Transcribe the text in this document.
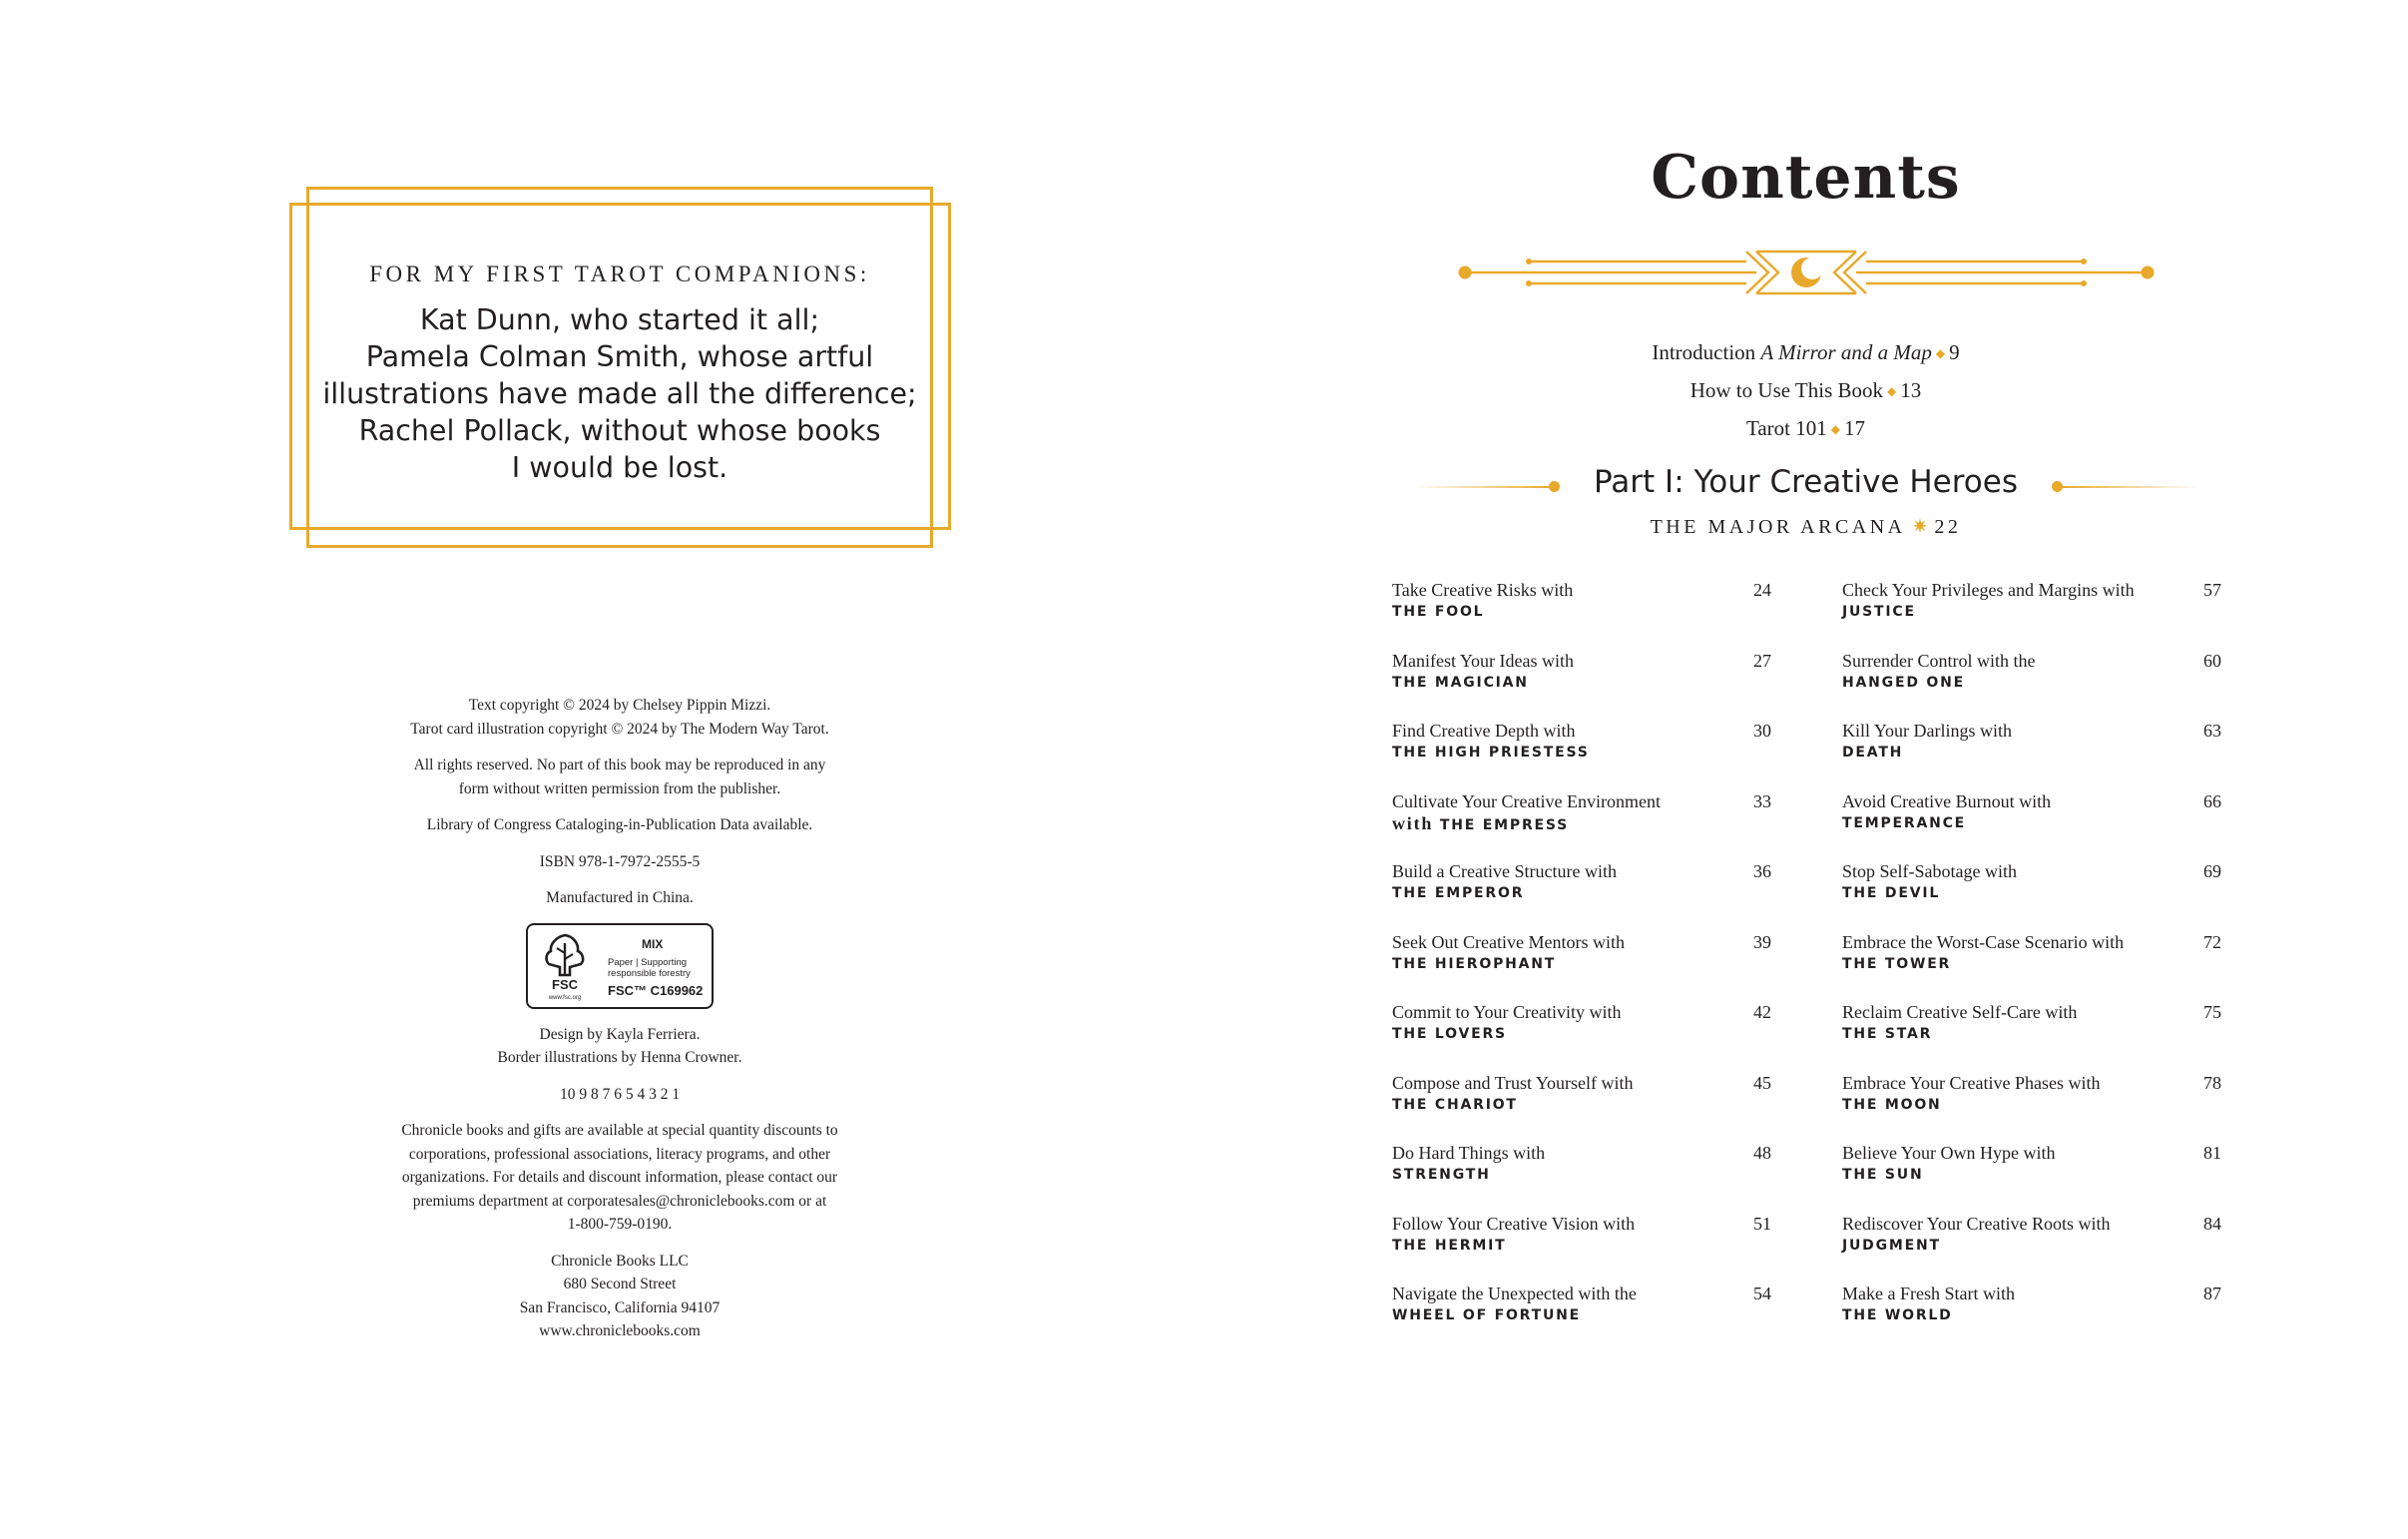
FOR MY FIRST TAROT COMPANIONS:
Kat Dunn, who started it all;
Pamela Colman Smith, whose artful
illustrations have made all the difference;
Rachel Pollack, without whose books
I would be lost.
Text copyright © 2024 by Chelsey Pippin Mizzi.
Tarot card illustration copyright © 2024 by The Modern Way Tarot.
All rights reserved. No part of this book may be reproduced in any
form without written permission from the publisher.
Library of Congress Cataloging-in-Publication Data available.
ISBN 978-1-7972-2555-5
Manufactured in China.
FSC
www.fsc.org
MIX
Paper | Supporting
responsible forestry
FSC™ C169962
Design by Kayla Ferriera.
Border illustrations by Henna Crowner.
10 9 8 7 6 5 4 3 2 1
Chronicle books and gifts are available at special quantity discounts to
corporations, professional associations, literacy programs, and other
organizations. For details and discount information, please contact our
premiums department at corporatesales@chroniclebooks.com or at
1-800-759-0190.
Chronicle Books LLC
680 Second Street
San Francisco, California 94107
www.chroniclebooks.com
Contents
Introduction A Mirror and a Map ◆ 9
How to Use This Book ◆ 13
Tarot 101 ◆ 17
Part I: Your Creative Heroes
THE MAJOR ARCANA ✷ 22
Take Creative Risks with
THE FOOL
24
Manifest Your Ideas with
THE MAGICIAN
27
Find Creative Depth with
THE HIGH PRIESTESS
30
Cultivate Your Creative Environment
with THE EMPRESS
33
Build a Creative Structure with
THE EMPEROR
36
Seek Out Creative Mentors with
THE HIEROPHANT
39
Commit to Your Creativity with
THE LOVERS
42
Compose and Trust Yourself with
THE CHARIOT
45
Do Hard Things with
STRENGTH
48
Follow Your Creative Vision with
THE HERMIT
51
Navigate the Unexpected with the
WHEEL OF FORTUNE
54
Check Your Privileges and Margins with
JUSTICE
57
Surrender Control with the
HANGED ONE
60
Kill Your Darlings with
DEATH
63
Avoid Creative Burnout with
TEMPERANCE
66
Stop Self-Sabotage with
THE DEVIL
69
Embrace the Worst-Case Scenario with
THE TOWER
72
Reclaim Creative Self-Care with
THE STAR
75
Embrace Your Creative Phases with
THE MOON
78
Believe Your Own Hype with
THE SUN
81
Rediscover Your Creative Roots with
JUDGMENT
84
Make a Fresh Start with
THE WORLD
87
